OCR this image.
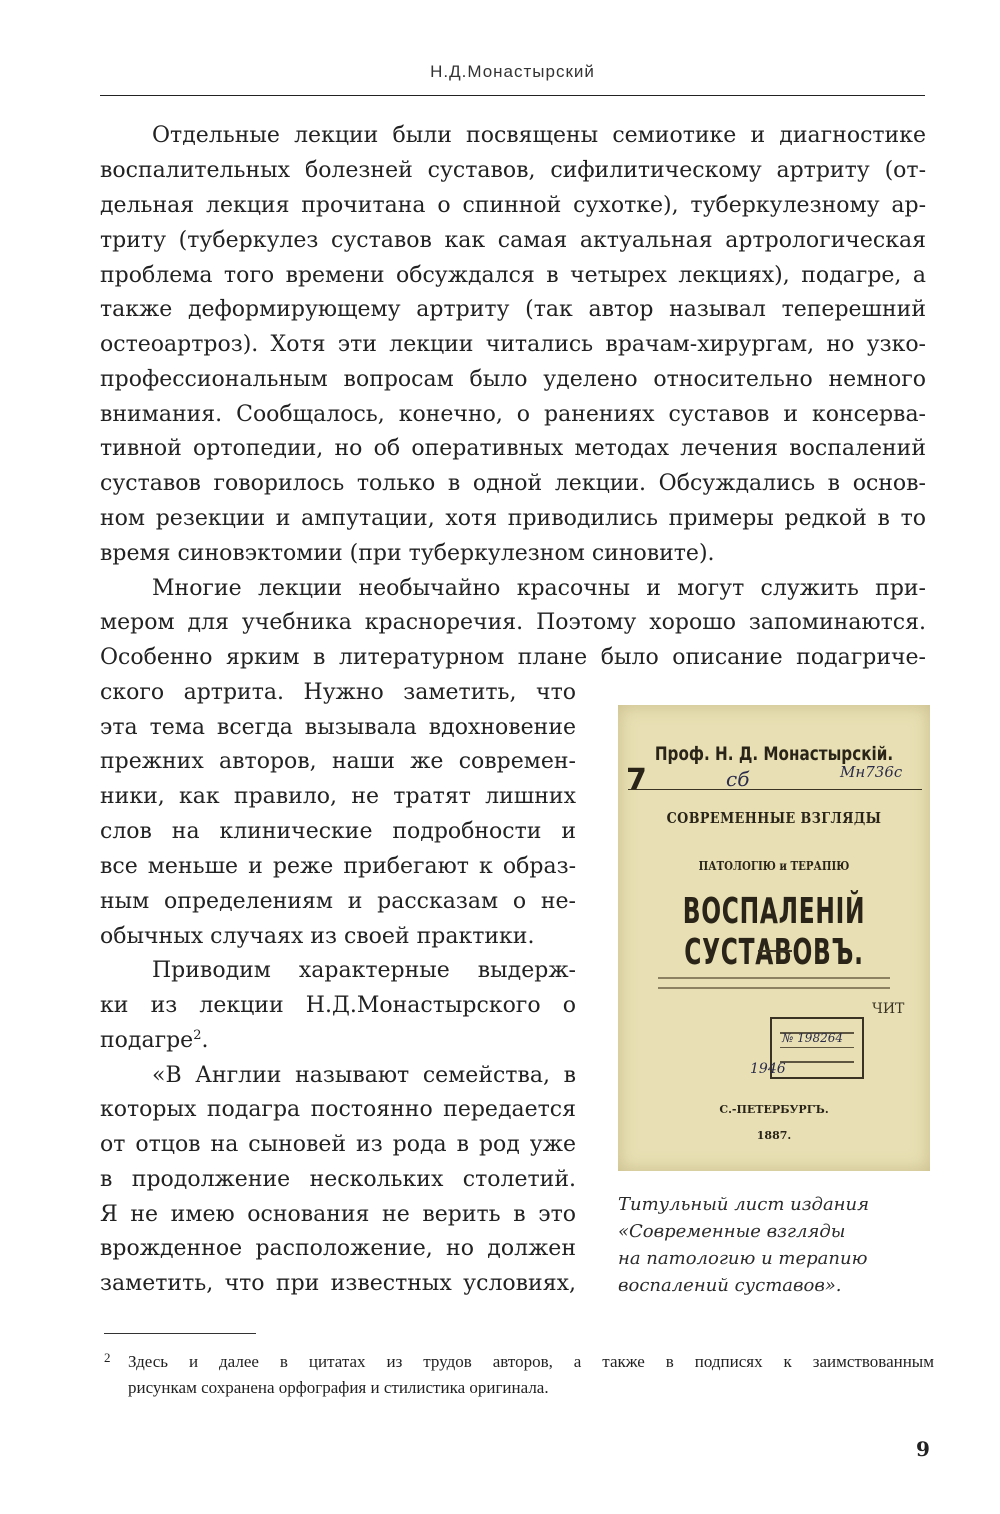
Н.Д.Монастырский
Отдельные лекции были посвящены семиотике и диагностике
воспалительных болезней суставов, сифилитическому артриту (от-
дельная лекция прочитана о спинной сухотке), туберкулезному ар-
триту (туберкулез суставов как самая актуальная артрологическая
проблема того времени обсуждался в четырех лекциях), подагре, а
также деформирующему артриту (так автор называл теперешний
остеоартроз). Хотя эти лекции читались врачам-хирургам, но узко-
профессиональным вопросам было уделено относительно немного
внимания. Сообщалось, конечно, о ранениях суставов и консерва-
тивной ортопедии, но об оперативных методах лечения воспалений
суставов говорилось только в одной лекции. Обсуждались в основ-
ном резекции и ампутации, хотя приводились примеры редкой в то
время синовэктомии (при туберкулезном синовите).
Многие лекции необычайно красочны и могут служить при-
мером для учебника красноречия. Поэтому хорошо запоминаются.
Особенно ярким в литературном плане было описание подагриче-
ского артрита. Нужно заметить, что
эта тема всегда вызывала вдохновение
прежних авторов, наши же современ-
ники, как правило, не тратят лишних
слов на клинические подробности и
все меньше и реже прибегают к образ-
ным определениям и рассказам о не-
обычных случаях из своей практики.
Приводим характерные выдерж-
ки из лекции Н.Д.Монастырского о
подагре$^2$.
«В Англии называют семейства, в
которых подагра постоянно передается
от отцов на сыновей из рода в род уже
в продолжение нескольких столетий.
Я не имею основания не верить в это
врожденное расположение, но должен
заметить, что при известных условиях,
Проф. Н. Д. Монастырскій.
7	сб	Мн736с
СОВРЕМЕННЫЕ ВЗГЛЯДЫ
ПАТОЛОГІЮ и ТЕРАПІЮ
ВОСПАЛЕНІЙ СУСТАВОВЪ.
ЧИТ
№ 198264
1946
С.-ПЕТЕРБУРГЪ.
1887.
Титульный лист издания
«Современные взгляды
на патологию и терапию
воспалений суставов».
2 Здесь и далее в цитатах из трудов авторов, а также в подписях к заимствованным
рисункам сохранена орфография и стилистика оригинала.
9
